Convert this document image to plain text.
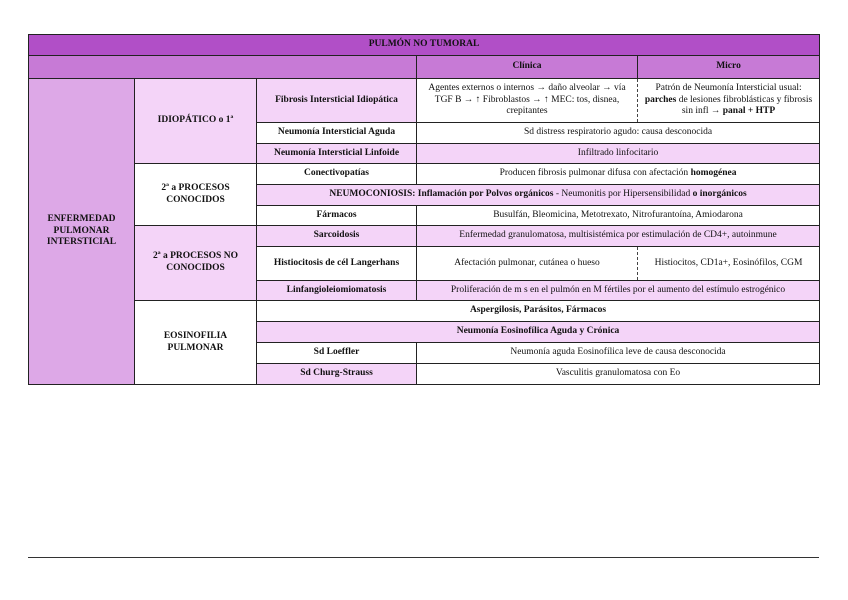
PULMÓN NO TUMORAL				
			Clínica	Micro
ENFERMEDAD PULMONAR INTERSTICIAL	IDIOPÁTICO o 1ª	Fibrosis Intersticial Idiopática	Agentes externos o internos → daño alveolar → vía TGF B → ↑ Fibroblastos → ↑ MEC: tos, disnea, crepitantes	Patrón de Neumonía Intersticial usual: parches de lesiones fibroblásticas y fibrosis sin infl → panal + HTP
		Neumonía Intersticial Aguda	Sd distress respiratorio agudo: causa desconocida	
		Neumonía Intersticial Linfoide	Infiltrado linfocitario	
	2ª a PROCESOS CONOCIDOS	Conectivopatías	Producen fibrosis pulmonar difusa con afectación homogénea	
		NEUMOCONIOSIS: Inflamación por Polvos orgánicos - Neumonitis por Hipersensibilidad o inorgánicos		
		Fármacos	Busulfán, Bleomicina, Metotrexato, Nitrofurantoína, Amiodarona	
	2ª a PROCESOS NO CONOCIDOS	Sarcoidosis	Enfermedad granulomatosa, multisistémica por estimulación de CD4+, autoinmune	
		Histiocitosis de cél Langerhans	Afectación pulmonar, cutánea o hueso	Histiocitos, CD1a+, Eosinófilos, CGM
		Linfangioleiomiomatosis	Proliferación de m s en el pulmón en M fértiles por el aumento del estímulo estrogénico	
	EOSINOFILIA PULMONAR	Aspergilosis, Parásitos, Fármacos		
		Neumonía Eosinofílica Aguda y Crónica		
		Sd Loeffler	Neumonía aguda Eosinofílica leve de causa desconocida	
		Sd Churg-Strauss	Vasculitis granulomatosa con Eo	
